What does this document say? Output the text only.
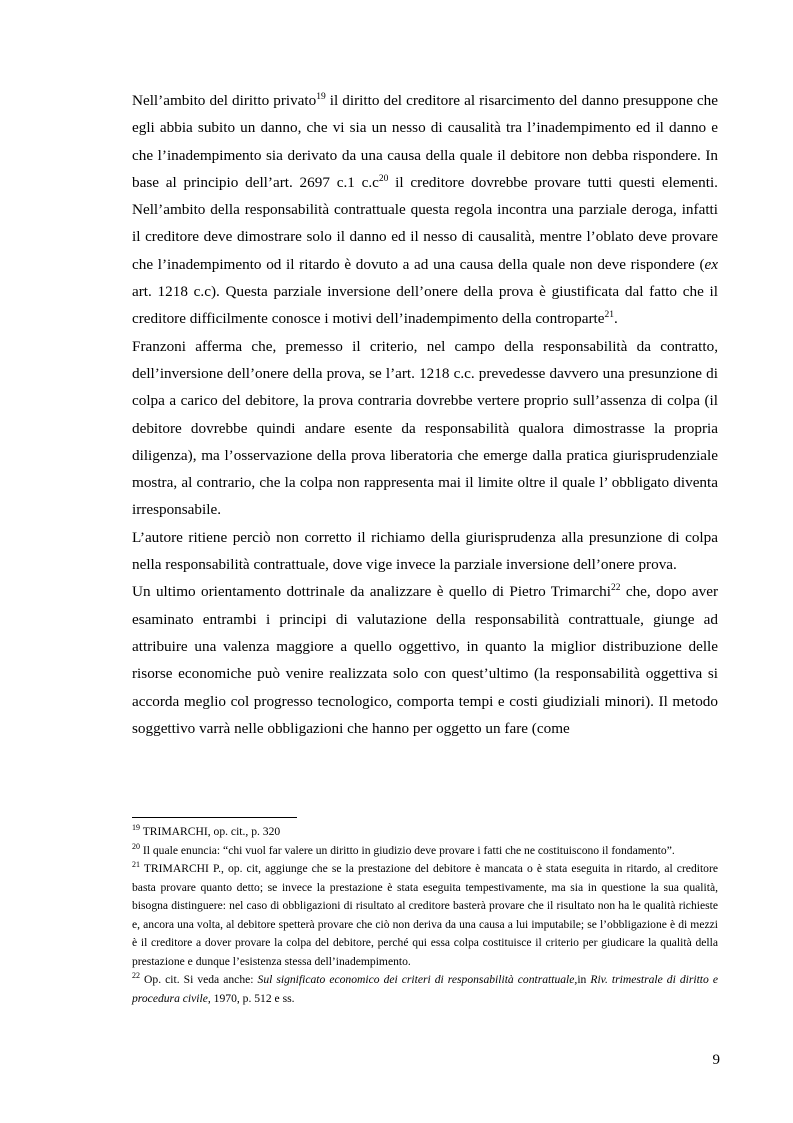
Nell’ambito del diritto privato$^{19}$ il diritto del creditore al risarcimento del danno presuppone che egli abbia subito un danno, che vi sia un nesso di causalità tra l’inadempimento ed il danno e che l’inadempimento sia derivato da una causa della quale il debitore non debba rispondere. In base al principio dell’art. 2697 c.1 $c.c^{20}$ il creditore dovrebbe provare tutti questi elementi. Nell’ambito della responsabilità contrattuale questa regola incontra una parziale deroga, infatti il creditore deve dimostrare solo il danno ed il nesso di causalità, mentre l’oblato deve provare che l’inadempimento od il ritardo è dovuto a ad una causa della quale non deve rispondere (ex art. 1218 c.c). Questa parziale inversione dell’onere della prova è giustificata dal fatto che il creditore difficilmente conosce i motivi dell’inadempimento della controparte$^{21}$.

Franzoni afferma che, premesso il criterio, nel campo della responsabilità da contratto, dell’inversione dell’onere della prova, se l’art. 1218 c.c. prevedesse davvero una presunzione di colpa a carico del debitore, la prova contraria dovrebbe vertere proprio sull’assenza di colpa (il debitore dovrebbe quindi andare esente da responsabilità qualora dimostrasse la propria diligenza), ma l’osservazione della prova liberatoria che emerge dalla pratica giurisprudenziale mostra, al contrario, che la colpa non rappresenta mai il limite oltre il quale l’ obbligato diventa irresponsabile.

L’autore ritiene perciò non corretto il richiamo della giurisprudenza alla presunzione di colpa nella responsabilità contrattuale, dove vige invece la parziale inversione dell’onere prova.

Un ultimo orientamento dottrinale da analizzare è quello di Pietro Trimarchi$^{22}$ che, dopo aver esaminato entrambi i principi di valutazione della responsabilità contrattuale, giunge ad attribuire una valenza maggiore a quello oggettivo, in quanto la miglior distribuzione delle risorse economiche può venire realizzata solo con quest’ultimo (la responsabilità oggettiva si accorda meglio col progresso tecnologico, comporta tempi e costi giudiziali minori). Il metodo soggettivo varrà nelle obbligazioni che hanno per oggetto un fare (come

$^{19}$ TRIMARCHI, op. cit., p. 320

$^{20}$ Il quale enuncia: “chi vuol far valere un diritto in giudizio deve provare i fatti che ne costituiscono il fondamento”.

$^{21}$ TRIMARCHI P., op. cit, aggiunge che se la prestazione del debitore è mancata o è stata eseguita in ritardo, al creditore basta provare quanto detto; se invece la prestazione è stata eseguita tempestivamente, ma sia in questione la sua qualità, bisogna distinguere: nel caso di obbligazioni di risultato al creditore basterà provare che il risultato non ha le qualità richieste e, ancora una volta, al debitore spetterà provare che ciò non deriva da una causa a lui imputabile; se l’obbligazione è di mezzi è il creditore a dover provare la colpa del debitore, perché qui essa colpa costituisce il criterio per giudicare la qualità della prestazione e dunque l’esistenza stessa dell’inadempimento.

$^{22}$ Op. cit. Si veda anche: Sul significato economico dei criteri di responsabilità contrattuale,in Riv. trimestrale di diritto e procedura civile, 1970, p. 512 e ss.

9
